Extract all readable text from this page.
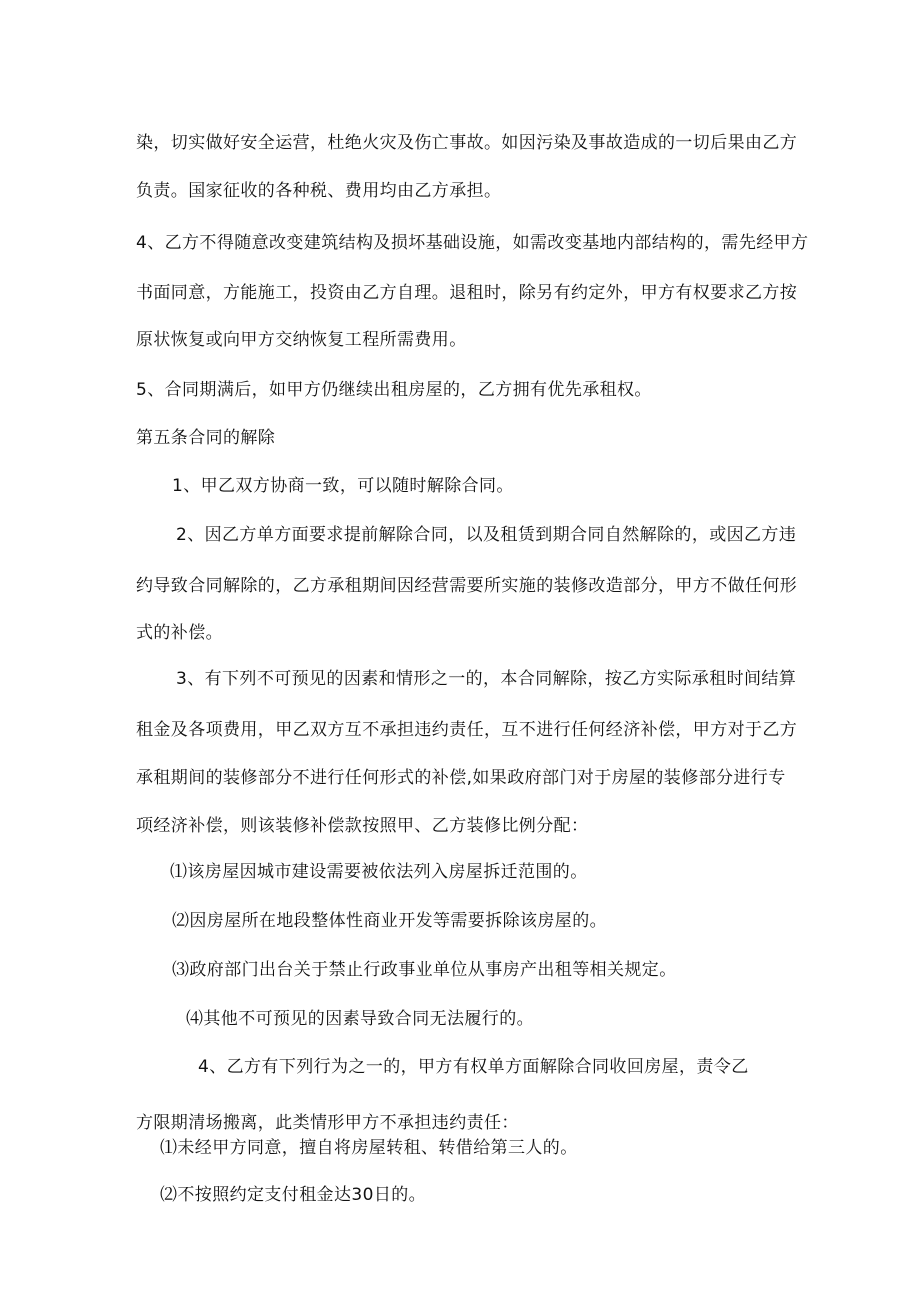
染，切实做好安全运营，杜绝火灾及伤亡事故。如因污染及事故造成的一切后果由乙方
负责。国家征收的各种税、费用均由乙方承担。
4、乙方不得随意改变建筑结构及损坏基础设施，如需改变基地内部结构的，需先经甲方
书面同意，方能施工，投资由乙方自理。退租时，除另有约定外，甲方有权要求乙方按
原状恢复或向甲方交纳恢复工程所需费用。
5、合同期满后，如甲方仍继续出租房屋的，乙方拥有优先承租权。
第五条合同的解除
1、甲乙双方协商一致，可以随时解除合同。
2、因乙方单方面要求提前解除合同，以及租赁到期合同自然解除的，或因乙方违
约导致合同解除的，乙方承租期间因经营需要所实施的装修改造部分，甲方不做任何形
式的补偿。
3、有下列不可预见的因素和情形之一的，本合同解除，按乙方实际承租时间结算
租金及各项费用，甲乙双方互不承担违约责任，互不进行任何经济补偿，甲方对于乙方
承租期间的装修部分不进行任何形式的补偿,如果政府部门对于房屋的装修部分进行专
项经济补偿，则该装修补偿款按照甲、乙方装修比例分配：
⑴该房屋因城市建设需要被依法列入房屋拆迁范围的。
⑵因房屋所在地段整体性商业开发等需要拆除该房屋的。
⑶政府部门出台关于禁止行政事业单位从事房产出租等相关规定。
⑷其他不可预见的因素导致合同无法履行的。
4、乙方有下列行为之一的，甲方有权单方面解除合同收回房屋，责令乙
方限期清场搬离，此类情形甲方不承担违约责任：
⑴未经甲方同意，擅自将房屋转租、转借给第三人的。
⑵不按照约定支付租金达30日的。
